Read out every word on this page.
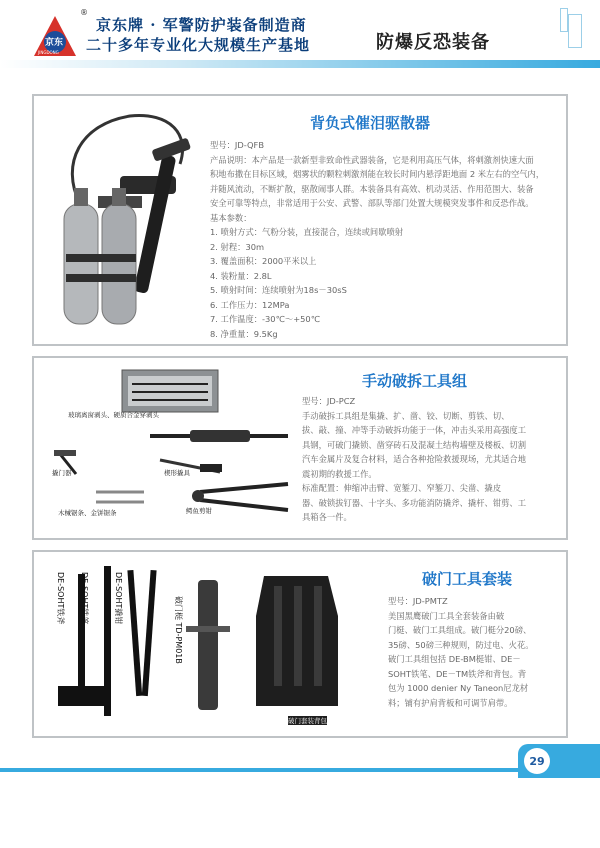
®
京东牌 · 军警防护装备制造商
二十多年专业化大规模生产基地	防爆反恐装备
京东
JINGDONG
背负式催泪驱散器
型号：JD-QFB
产品说明：本产品是一款新型非致命性武器装备，它是利用高压气体，将刺激剂快速大面
积地布撒在目标区域，烟雾状的颗粒刺激剂能在较长时间内悬浮距地面 2 米左右的空气内，
并随风流动，不断扩散，驱散闹事人群。本装备具有高效、机动灵活、作用范围大、装备
安全可靠等特点，非常适用于公安、武警、部队等部门处置大规模突发事件和反恐作战。
基本参数：
1. 喷射方式：气粉分装，直接混合，连续或间歇喷射
2. 射程：30m
3. 覆盖面积：2000平米以上
4. 装粉量：2.8L
5. 喷射时间：连续喷射为18s－30sS
6. 工作压力：12MPa
7. 工作温度：-30℃～+50℃
8. 净重量：9.5Kg
玻璃离窗剥头、硬质合金穿剥头
撬门器	楔形撬具
木械锯条、金饼锯条	鳄鱼剪钳
手动破拆工具组
型号：JD-PCZ
手动破拆工具组是集撬、扩、凿、铰、切断、剪铁、切、
拔、敲、撞、冲等手动破拆功能于一体，冲击头采用高强度工
具钢，可破门撬锁、凿穿砖石及混凝土结构墙壁及楼板、切割
汽车金属片及复合材料，适合各种抢险救援现场，尤其适合地
震初期的救援工作。
标准配置：伸缩冲击臂、宽錾刀、窄錾刀、尖凿、撬皮
器、破锁拔钉器、十字头、多功能消防撬斧、撬杆、钳剪、工
具箱各一件。
DE-SOHT铁斧 DE-SOHT铁笔	DE-SOHT撬钳	破门梃 TD-PM01B
破门套装背包
破门工具套装
型号：JD-PMTZ
美国黑鹰破门工具全套装备由破
门梃、破门工具组成。破门梃分20磅、
35磅、50磅三种规则，防过电、火花。
破门工具组包括 DE-BM梃钳、DE－
SOHT铁笔、DE－TM铁斧和背包。背
包为 1000 denier Ny Taneon尼龙材
料；铺有护肩背板和可调节肩带。
29
